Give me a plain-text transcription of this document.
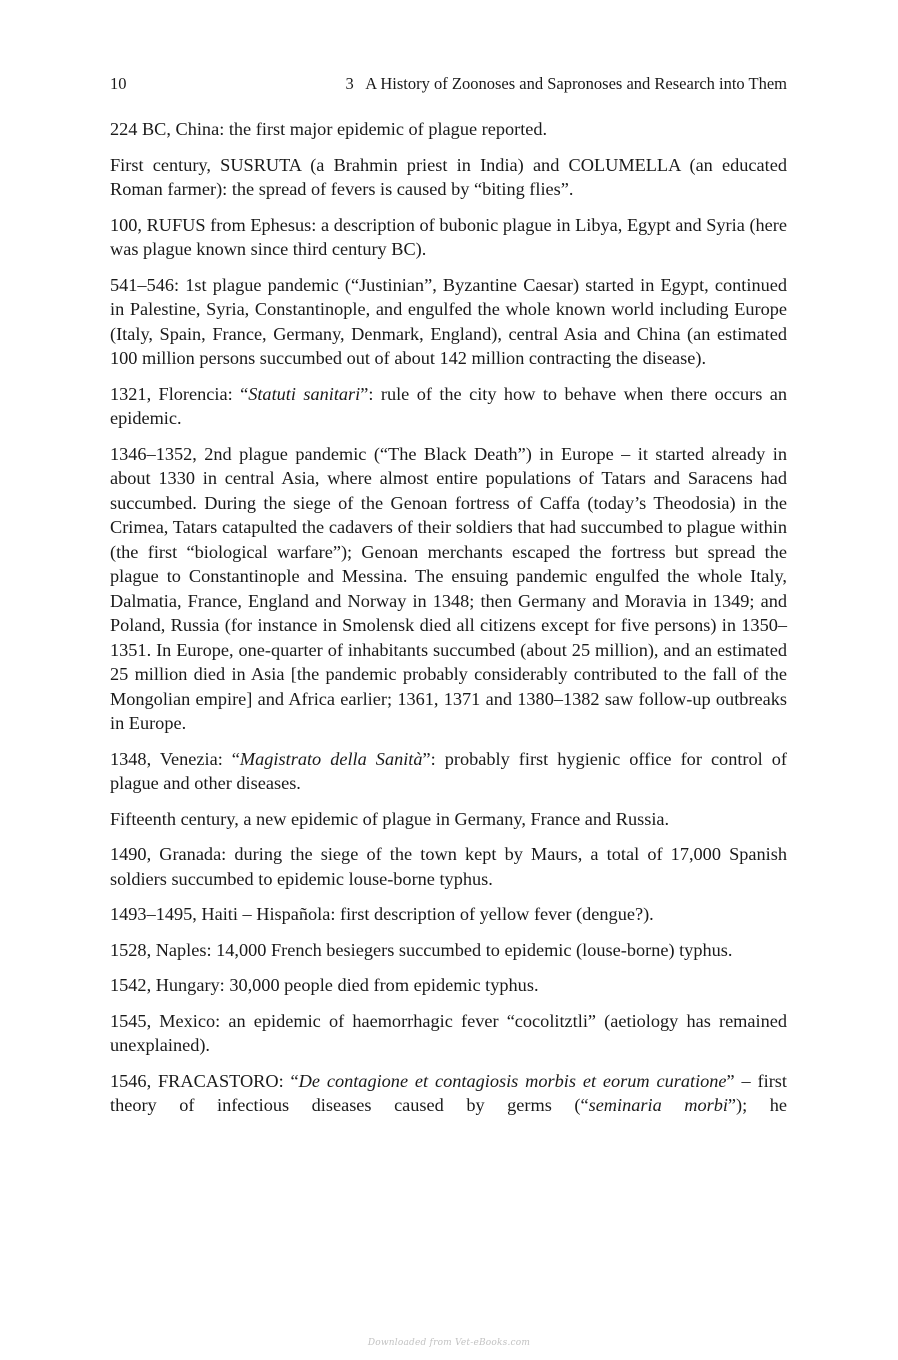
10	3   A History of Zoonoses and Sapronoses and Research into Them

224 BC, China: the first major epidemic of plague reported.

First century, SUSRUTA (a Brahmin priest in India) and COLUMELLA (an educated Roman farmer): the spread of fevers is caused by “biting flies”.

100, RUFUS from Ephesus: a description of bubonic plague in Libya, Egypt and Syria (here was plague known since third century BC).

541–546: 1st plague pandemic (“Justinian”, Byzantine Caesar) started in Egypt, continued in Palestine, Syria, Constantinople, and engulfed the whole known world including Europe (Italy, Spain, France, Germany, Denmark, England), central Asia and China (an estimated 100 million persons succumbed out of about 142 million contracting the disease).

1321, Florencia: “Statuti sanitari”: rule of the city how to behave when there occurs an epidemic.

1346–1352, 2nd plague pandemic (“The Black Death”) in Europe – it started already in about 1330 in central Asia, where almost entire populations of Tatars and Saracens had succumbed. During the siege of the Genoan fortress of Caffa (today’s Theodosia) in the Crimea, Tatars catapulted the cadavers of their soldiers that had succumbed to plague within (the first “biological warfare”); Genoan merchants escaped the fortress but spread the plague to Constantinople and Messina. The ensuing pandemic engulfed the whole Italy, Dalmatia, France, England and Norway in 1348; then Germany and Moravia in 1349; and Poland, Russia (for instance in Smolensk died all citizens except for five persons) in 1350–1351. In Europe, one-quarter of inhabitants succumbed (about 25 million), and an estimated 25 million died in Asia [the pandemic probably considerably contributed to the fall of the Mongolian empire] and Africa earlier; 1361, 1371 and 1380–1382 saw follow-up outbreaks in Europe.

1348, Venezia: “Magistrato della Sanità”: probably first hygienic office for control of plague and other diseases.

Fifteenth century, a new epidemic of plague in Germany, France and Russia.

1490, Granada: during the siege of the town kept by Maurs, a total of 17,000 Spanish soldiers succumbed to epidemic louse-borne typhus.

1493–1495, Haiti – Hispañola: first description of yellow fever (dengue?).

1528, Naples: 14,000 French besiegers succumbed to epidemic (louse-borne) typhus.

1542, Hungary: 30,000 people died from epidemic typhus.

1545, Mexico: an epidemic of haemorrhagic fever “cocolitztli” (aetiology has remained unexplained).

1546, FRACASTORO: “De contagione et contagiosis morbis et eorum curatione” – first theory of infectious diseases caused by germs (“seminaria morbi”); he

Downloaded from Vet-eBooks.com
